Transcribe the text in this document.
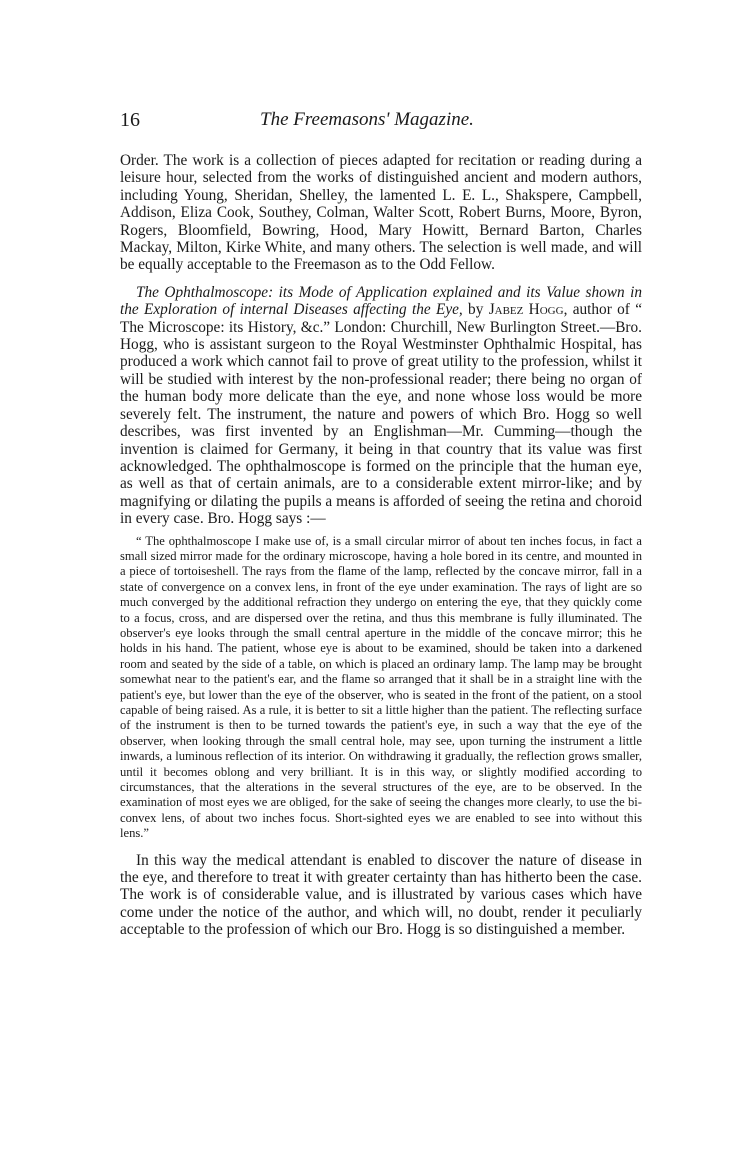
16	The Freemasons' Magazine.

Order. The work is a collection of pieces adapted for recitation or reading during a leisure hour, selected from the works of distinguished ancient and modern authors, including Young, Sheridan, Shelley, the lamented L. E. L., Shakspere, Campbell, Addison, Eliza Cook, Southey, Colman, Walter Scott, Robert Burns, Moore, Byron, Rogers, Bloomfield, Bowring, Hood, Mary Howitt, Bernard Barton, Charles Mackay, Milton, Kirke White, and many others. The selection is well made, and will be equally acceptable to the Freemason as to the Odd Fellow.

The Ophthalmoscope: its Mode of Application explained and its Value shown in the Exploration of internal Diseases affecting the Eye, by Jabez Hogg, author of “ The Microscope: its History, &c.” London: Churchill, New Burlington Street.—Bro. Hogg, who is assistant surgeon to the Royal Westminster Ophthalmic Hospital, has produced a work which cannot fail to prove of great utility to the profession, whilst it will be studied with interest by the non-professional reader; there being no organ of the human body more delicate than the eye, and none whose loss would be more severely felt. The instrument, the nature and powers of which Bro. Hogg so well describes, was first invented by an Englishman—Mr. Cumming—though the invention is claimed for Germany, it being in that country that its value was first acknowledged. The ophthalmoscope is formed on the principle that the human eye, as well as that of certain animals, are to a considerable extent mirror-like; and by magnifying or dilating the pupils a means is afforded of seeing the retina and choroid in every case. Bro. Hogg says :—

“ The ophthalmoscope I make use of, is a small circular mirror of about ten inches focus, in fact a small sized mirror made for the ordinary microscope, having a hole bored in its centre, and mounted in a piece of tortoiseshell. The rays from the flame of the lamp, reflected by the concave mirror, fall in a state of convergence on a convex lens, in front of the eye under examination. The rays of light are so much converged by the additional refraction they undergo on entering the eye, that they quickly come to a focus, cross, and are dispersed over the retina, and thus this membrane is fully illuminated. The observer's eye looks through the small central aperture in the middle of the concave mirror; this he holds in his hand. The patient, whose eye is about to be examined, should be taken into a darkened room and seated by the side of a table, on which is placed an ordinary lamp. The lamp may be brought somewhat near to the patient's ear, and the flame so arranged that it shall be in a straight line with the patient's eye, but lower than the eye of the observer, who is seated in the front of the patient, on a stool capable of being raised. As a rule, it is better to sit a little higher than the patient. The reflecting surface of the instrument is then to be turned towards the patient's eye, in such a way that the eye of the observer, when looking through the small central hole, may see, upon turning the instrument a little inwards, a luminous reflection of its interior. On withdrawing it gradually, the reflection grows smaller, until it becomes oblong and very brilliant. It is in this way, or slightly modified according to circumstances, that the alterations in the several structures of the eye, are to be observed. In the examination of most eyes we are obliged, for the sake of seeing the changes more clearly, to use the bi-convex lens, of about two inches focus. Short-sighted eyes we are enabled to see into without this lens.”

In this way the medical attendant is enabled to discover the nature of disease in the eye, and therefore to treat it with greater certainty than has hitherto been the case. The work is of considerable value, and is illustrated by various cases which have come under the notice of the author, and which will, no doubt, render it peculiarly acceptable to the profession of which our Bro. Hogg is so distinguished a member.
